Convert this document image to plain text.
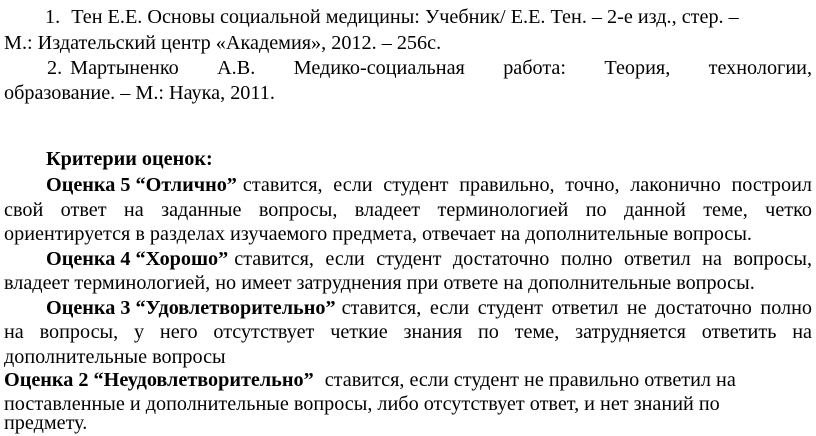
1. Тен Е.Е. Основы социальной медицины: Учебник/ Е.Е. Тен. – 2-е изд., стер. –
М.: Издательский центр «Академия», 2012. – 256с.
2. Мартыненко А.В. Медико-социальная работа: Теория, технологии,
образование. – М.: Наука, 2011.
Критерии оценок:
Оценка 5 “Отлично” ставится, если студент правильно, точно, лаконично построил
свой ответ на заданные вопросы, владеет терминологией по данной теме, четко
ориентируется в разделах изучаемого предмета, отвечает на дополнительные вопросы.
Оценка 4 “Хорошо” ставится, если студент достаточно полно ответил на вопросы,
владеет терминологией, но имеет затруднения при ответе на дополнительные вопросы.
Оценка 3 “Удовлетворительно” ставится, если студент ответил не достаточно полно
на вопросы, у него отсутствует четкие знания по теме, затрудняется ответить на
дополнительные вопросы
Оценка 2 “Неудовлетворительно” ставится, если студент не правильно ответил на
поставленные и дополнительные вопросы, либо отсутствует ответ, и нет знаний по
предмету.
